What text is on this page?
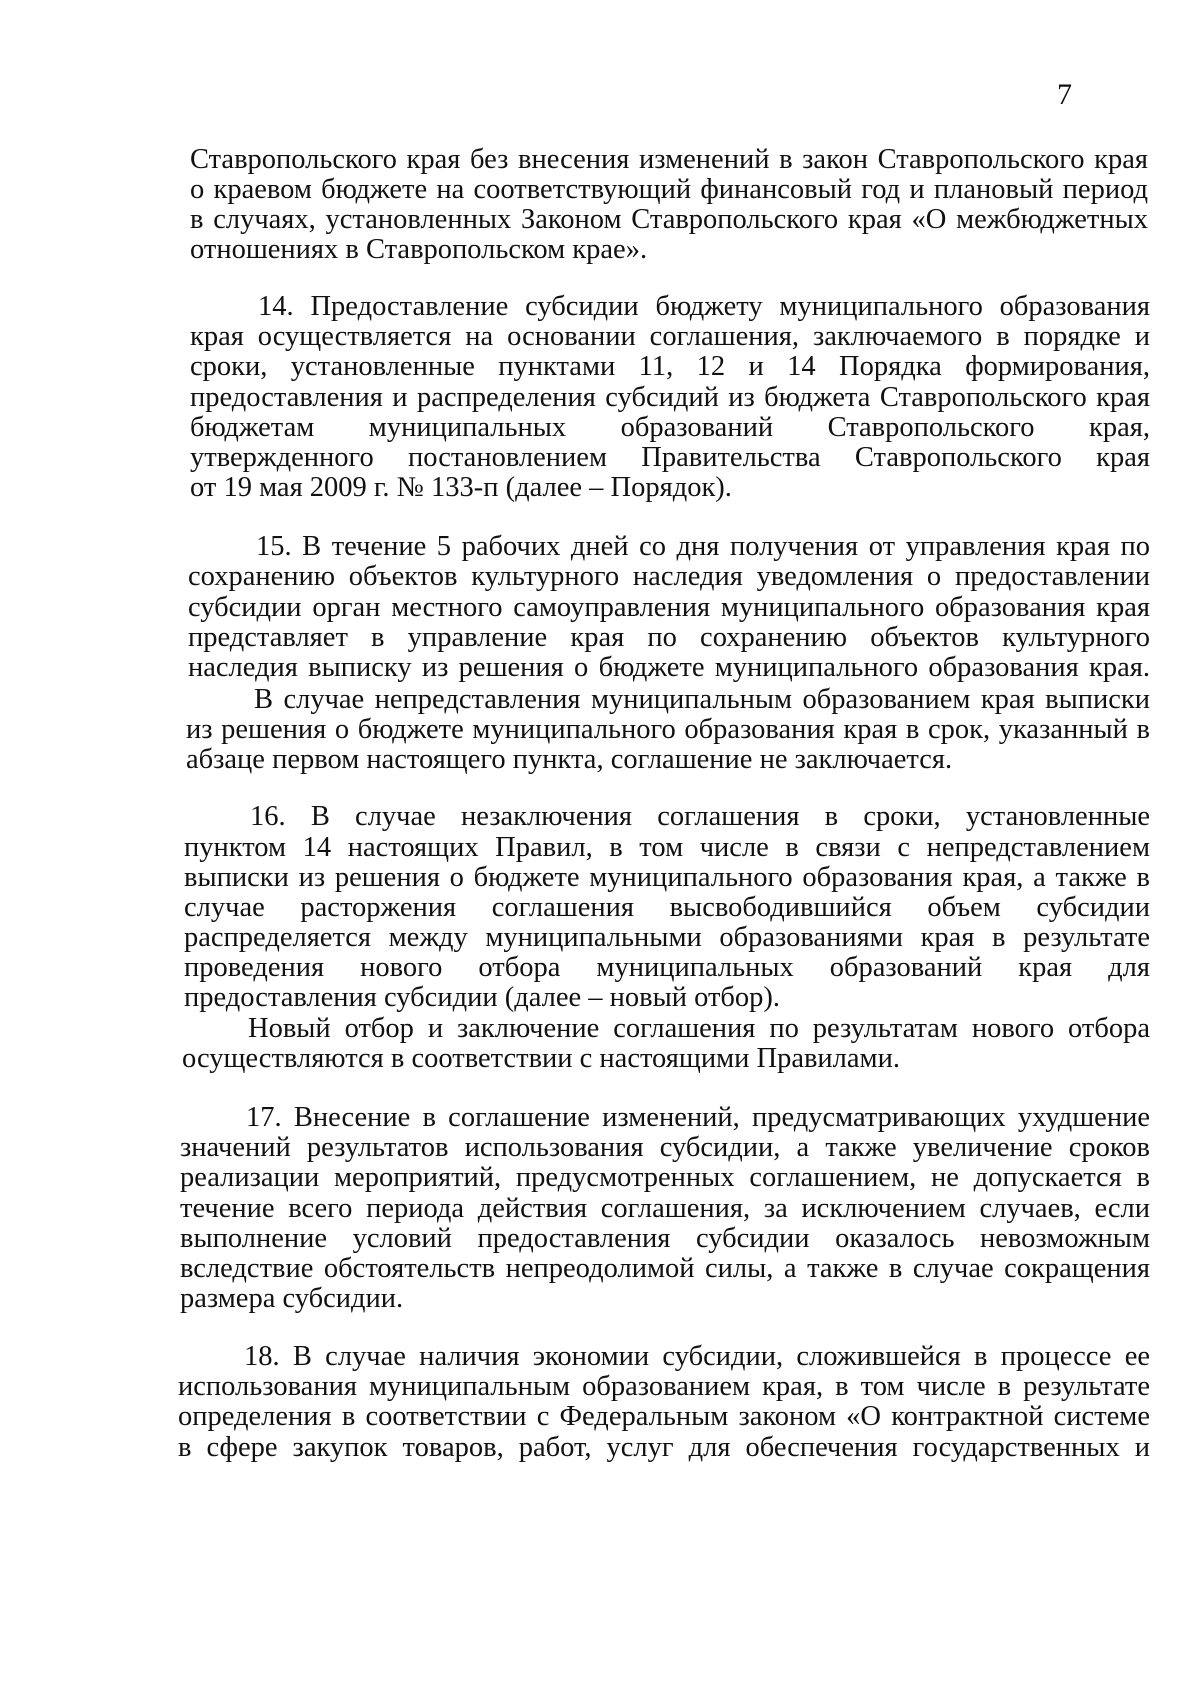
7
Ставропольского края без внесения изменений в закон Ставропольского края
о краевом бюджете на соответствующий финансовый год и плановый период
в случаях, установленных Законом Ставропольского края «О межбюджетных
отношениях в Ставропольском крае».
14. Предоставление субсидии бюджету муниципального образования
края осуществляется на основании соглашения, заключаемого в порядке и
сроки, установленные пунктами 11, 12 и 14 Порядка формирования,
предоставления и распределения субсидий из бюджета Ставропольского края
бюджетам муниципальных образований Ставропольского края,
утвержденного постановлением Правительства Ставропольского края
от 19 мая 2009 г. № 133-п (далее – Порядок).
15. В течение 5 рабочих дней со дня получения от управления края по
сохранению объектов культурного наследия уведомления о предоставлении
субсидии орган местного самоуправления муниципального образования края
представляет в управление края по сохранению объектов культурного
наследия выписку из решения о бюджете муниципального образования края.
В случае непредставления муниципальным образованием края выписки
из решения о бюджете муниципального образования края в срок, указанный в
абзаце первом настоящего пункта, соглашение не заключается.
16. В случае незаключения соглашения в сроки, установленные
пунктом 14 настоящих Правил, в том числе в связи с непредставлением
выписки из решения о бюджете муниципального образования края, а также в
случае расторжения соглашения высвободившийся объем субсидии
распределяется между муниципальными образованиями края в результате
проведения нового отбора муниципальных образований края для
предоставления субсидии (далее – новый отбор).
Новый отбор и заключение соглашения по результатам нового отбора
осуществляются в соответствии с настоящими Правилами.
17. Внесение в соглашение изменений, предусматривающих ухудшение
значений результатов использования субсидии, а также увеличение сроков
реализации мероприятий, предусмотренных соглашением, не допускается в
течение всего периода действия соглашения, за исключением случаев, если
выполнение условий предоставления субсидии оказалось невозможным
вследствие обстоятельств непреодолимой силы, а также в случае сокращения
размера субсидии.
18. В случае наличия экономии субсидии, сложившейся в процессе ее
использования муниципальным образованием края, в том числе в результате
определения в соответствии с Федеральным законом «О контрактной системе
в сфере закупок товаров, работ, услуг для обеспечения государственных и
